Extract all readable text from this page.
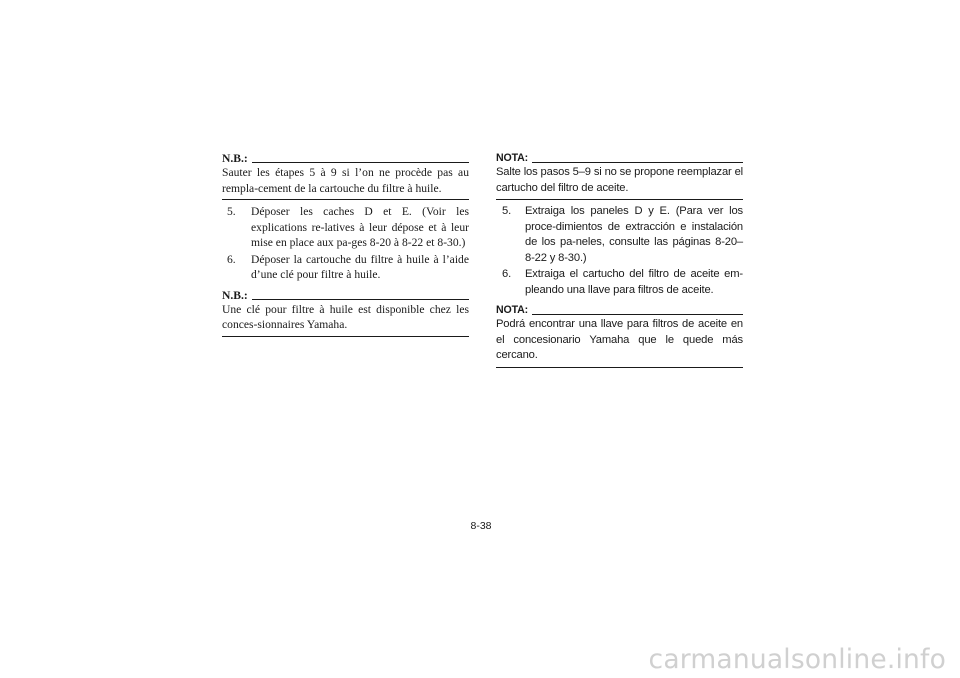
N.B.:

Sauter les étapes 5 à 9 si l’on ne procède pas au rempla-cement de la cartouche du filtre à huile.

5.	Déposer les caches D et E. (Voir les explications re-latives à leur dépose et à leur mise en place aux pa-ges 8-20 à 8-22 et 8-30.)
6.	Déposer la cartouche du filtre à huile à l’aide d’une clé pour filtre à huile.
N.B.:

Une clé pour filtre à huile est disponible chez les conces-sionnaires Yamaha.

NOTA:

Salte los pasos 5–9 si no se propone reemplazar el cartucho del filtro de aceite.

5.	Extraiga los paneles D y E. (Para ver los proce-dimientos de extracción e instalación de los pa-neles, consulte las páginas 8-20–8-22 y 8-30.)
6.	Extraiga el cartucho del filtro de aceite em-pleando una llave para filtros de aceite.
NOTA:

Podrá encontrar una llave para filtros de aceite en el concesionario Yamaha que le quede más cercano.

8-38
carmanualsonline.info
